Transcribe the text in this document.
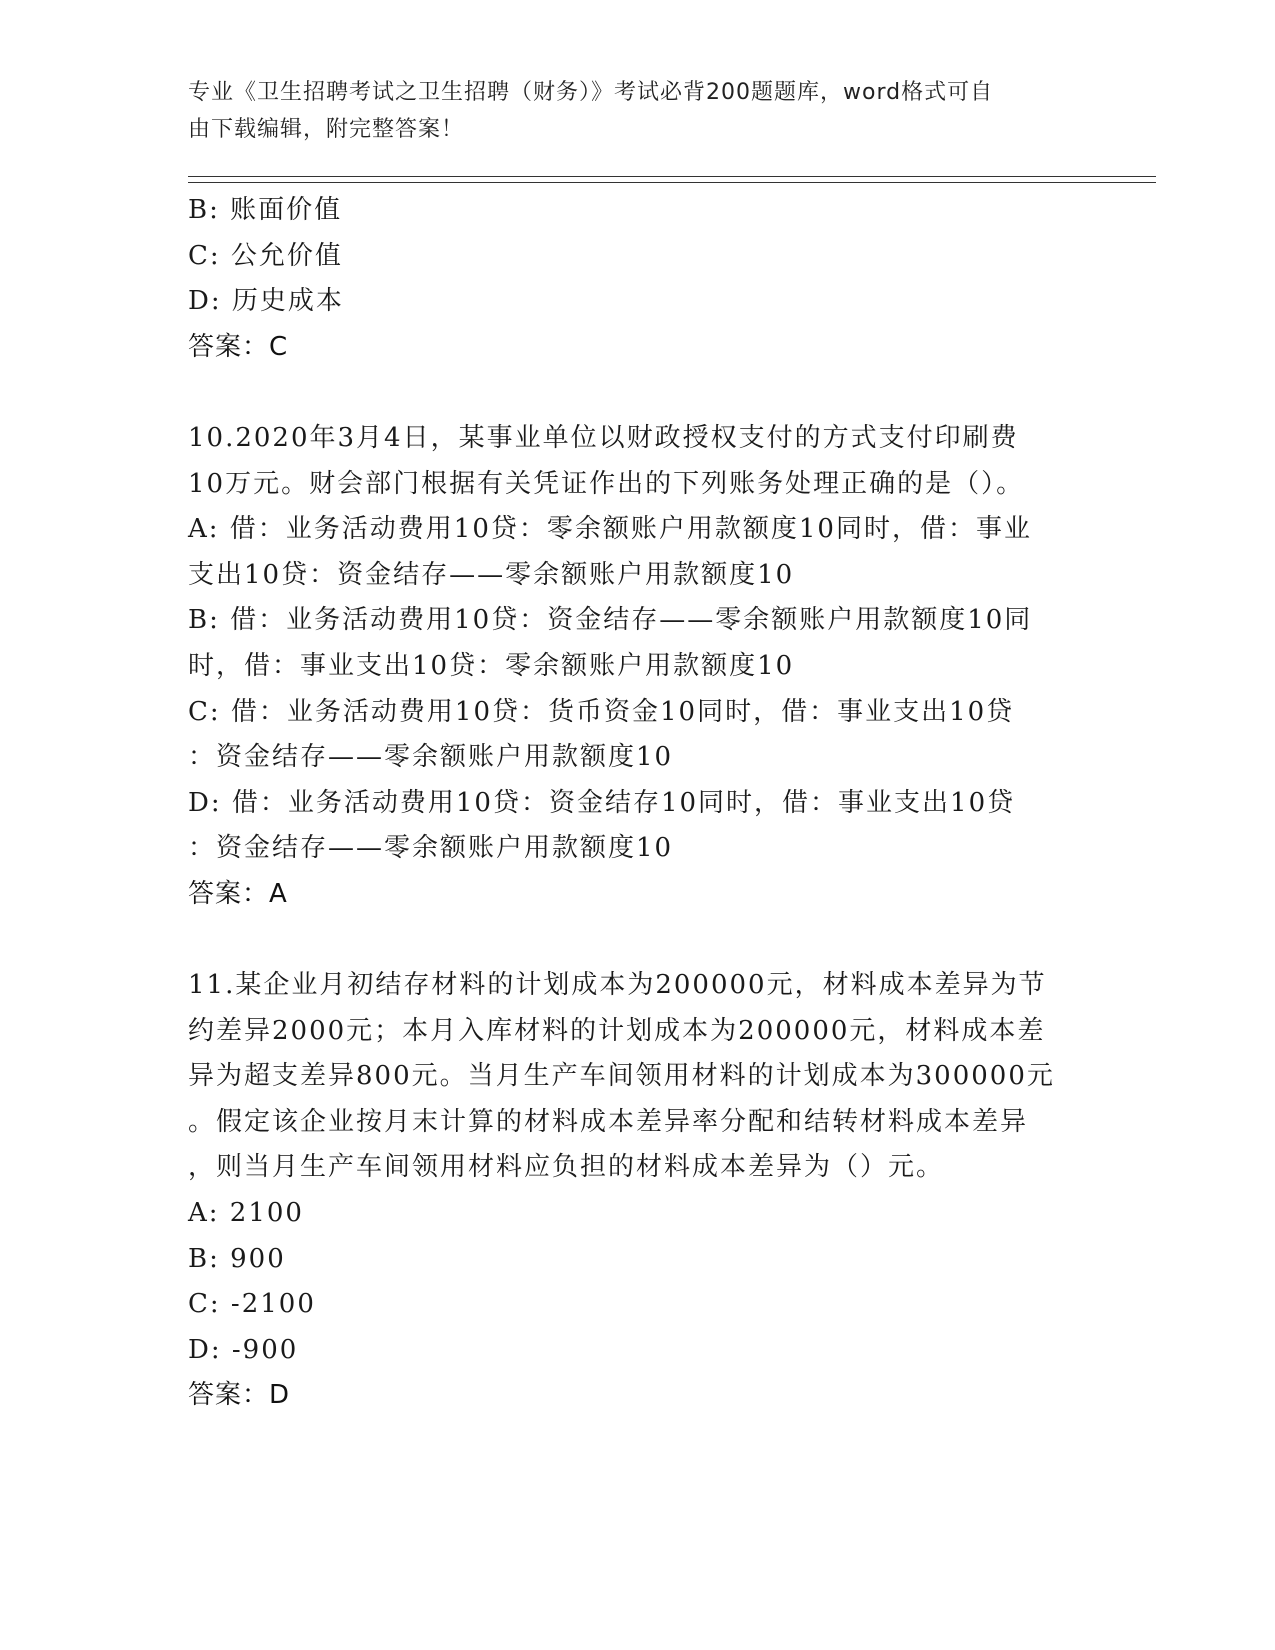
专业《卫生招聘考试之卫生招聘（财务）》考试必背200题题库，word格式可自
由下载编辑，附完整答案！
B: 账面价值
C: 公允价值
D: 历史成本
答案：C
10.2020年3月4日，某事业单位以财政授权支付的方式支付印刷费
10万元。财会部门根据有关凭证作出的下列账务处理正确的是（）。
A: 借：业务活动费用10贷：零余额账户用款额度10同时，借：事业
支出10贷：资金结存——零余额账户用款额度10
B: 借：业务活动费用10贷：资金结存——零余额账户用款额度10同
时，借：事业支出10贷：零余额账户用款额度10
C: 借：业务活动费用10贷：货币资金10同时，借：事业支出10贷
：资金结存——零余额账户用款额度10
D: 借：业务活动费用10贷：资金结存10同时，借：事业支出10贷
：资金结存——零余额账户用款额度10
答案：A
11.某企业月初结存材料的计划成本为200000元，材料成本差异为节
约差异2000元；本月入库材料的计划成本为200000元，材料成本差
异为超支差异800元。当月生产车间领用材料的计划成本为300000元
。假定该企业按月末计算的材料成本差异率分配和结转材料成本差异
，则当月生产车间领用材料应负担的材料成本差异为（）元。
A: 2100
B: 900
C: -2100
D: -900
答案：D
